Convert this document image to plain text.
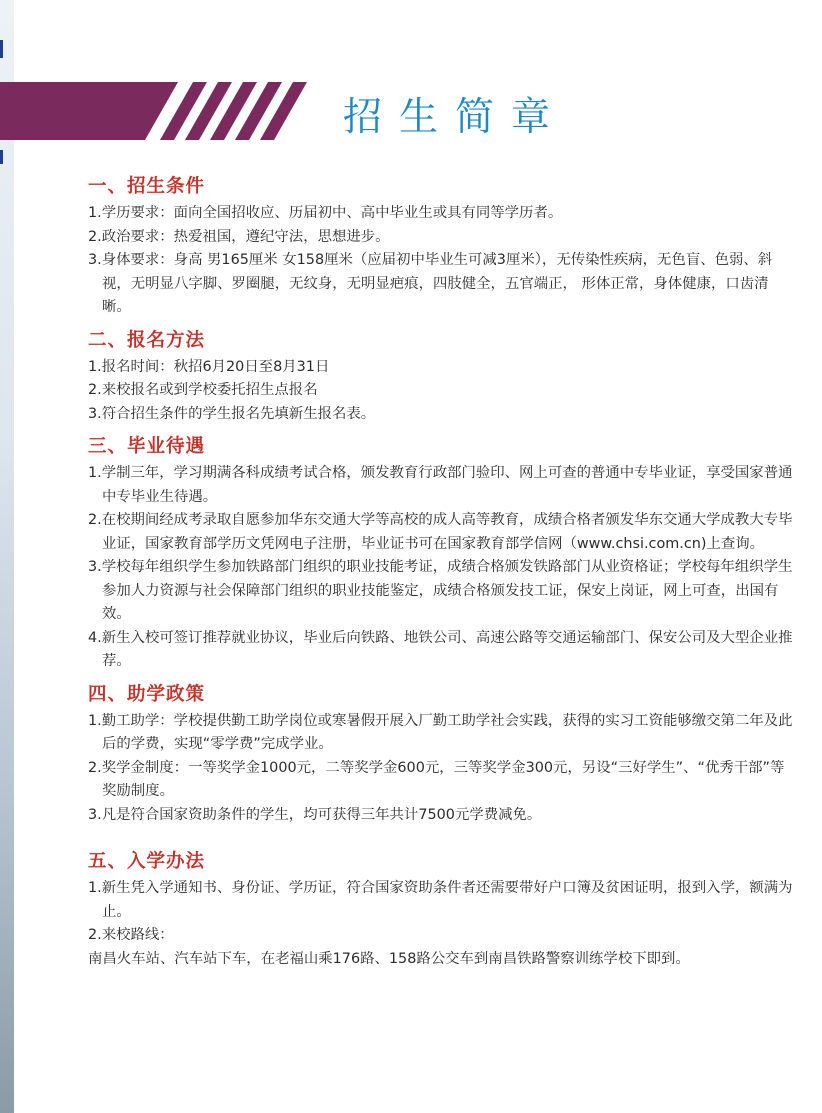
招生简章
一、招生条件
1.学历要求：面向全国招收应、历届初中、高中毕业生或具有同等学历者。
2.政治要求：热爱祖国，遵纪守法，思想进步。
3.身体要求：身高 男165厘米 女158厘米（应届初中毕业生可减3厘米），无传染性疾病，无色盲、色弱、斜视，无明显八字脚、罗圈腿，无纹身，无明显疤痕，四肢健全，五官端正， 形体正常，身体健康，口齿清晰。
二、报名方法
1.报名时间：秋招6月20日至8月31日
2.来校报名或到学校委托招生点报名
3.符合招生条件的学生报名先填新生报名表。
三、毕业待遇
1.学制三年，学习期满各科成绩考试合格，颁发教育行政部门验印、网上可查的普通中专毕业证，享受国家普通中专毕业生待遇。
2.在校期间经成考录取自愿参加华东交通大学等高校的成人高等教育，成绩合格者颁发华东交通大学成教大专毕业证，国家教育部学历文凭网电子注册，毕业证书可在国家教育部学信网（www.chsi.com.cn)上查询。
3.学校每年组织学生参加铁路部门组织的职业技能考证，成绩合格颁发铁路部门从业资格证；学校每年组织学生参加人力资源与社会保障部门组织的职业技能鉴定，成绩合格颁发技工证，保安上岗证，网上可查，出国有效。
4.新生入校可签订推荐就业协议，毕业后向铁路、地铁公司、高速公路等交通运输部门、保安公司及大型企业推荐。
四、助学政策
1.勤工助学：学校提供勤工助学岗位或寒暑假开展入厂勤工助学社会实践，获得的实习工资能够缴交第二年及此后的学费，实现“零学费”完成学业。
2.奖学金制度：一等奖学金1000元，二等奖学金600元，三等奖学金300元，另设“三好学生”、“优秀干部”等奖励制度。
3.凡是符合国家资助条件的学生，均可获得三年共计7500元学费减免。
五、入学办法
1.新生凭入学通知书、身份证、学历证，符合国家资助条件者还需要带好户口簿及贫困证明，报到入学，额满为止。
2.来校路线：
南昌火车站、汽车站下车，在老福山乘176路、158路公交车到南昌铁路警察训练学校下即到。
